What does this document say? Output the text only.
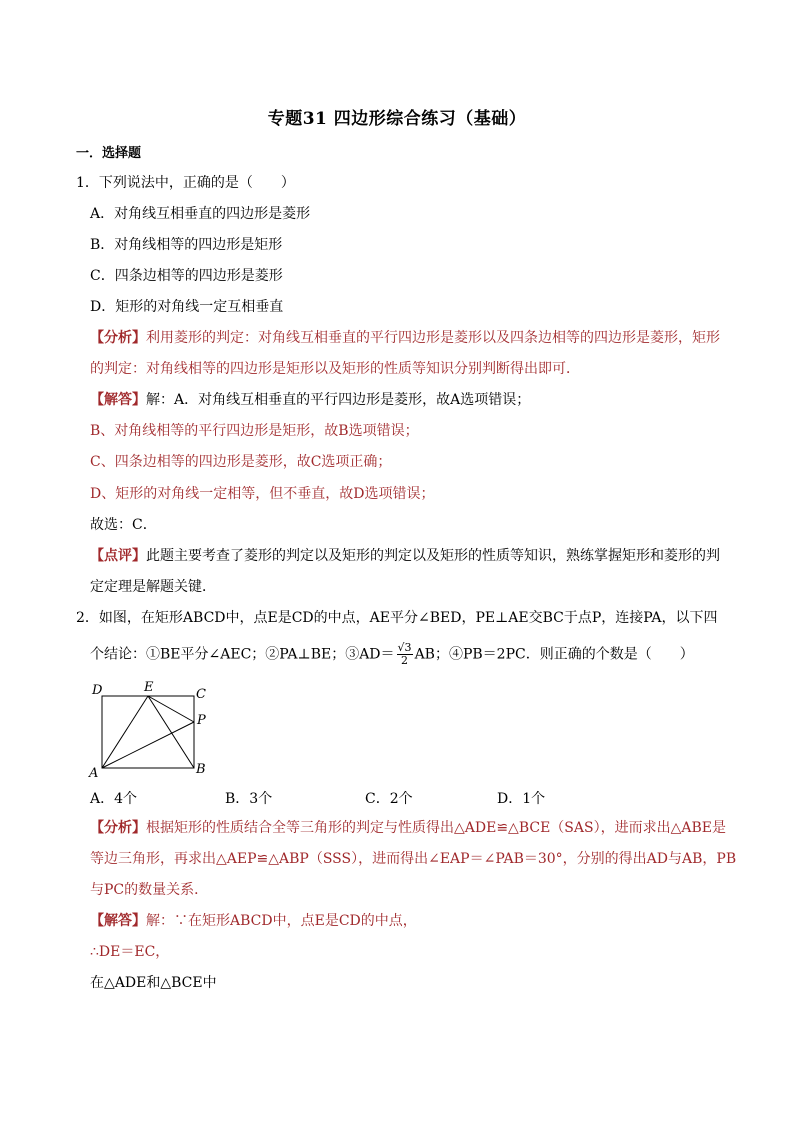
专题31 四边形综合练习（基础）
一．选择题
1．下列说法中，正确的是（　　）
A．对角线互相垂直的四边形是菱形
B．对角线相等的四边形是矩形
C．四条边相等的四边形是菱形
D．矩形的对角线一定互相垂直
【分析】利用菱形的判定：对角线互相垂直的平行四边形是菱形以及四条边相等的四边形是菱形，矩形
的判定：对角线相等的四边形是矩形以及矩形的性质等知识分别判断得出即可．
【解答】解：A．对角线互相垂直的平行四边形是菱形，故A选项错误；
B、对角线相等的平行四边形是矩形，故B选项错误；
C、四条边相等的四边形是菱形，故C选项正确；
D、矩形的对角线一定相等，但不垂直，故D选项错误；
故选：C．
【点评】此题主要考查了菱形的判定以及矩形的判定以及矩形的性质等知识，熟练掌握矩形和菱形的判
定定理是解题关键．
2．如图，在矩形ABCD中，点E是CD的中点，AE平分∠BED，PE⊥AE交BC于点P，连接PA，以下四
个结论：①BE平分∠AEC；②PA⊥BE；③AD＝ $\frac{√3}{2}$ AB；④PB＝2PC．则正确的个数是（　　）
D	E	C
P
A	B
A．4个	B．3个	C．2个	D．1个
【分析】根据矩形的性质结合全等三角形的判定与性质得出△ADE≌△BCE（SAS），进而求出△ABE是
等边三角形，再求出△AEP≌△ABP（SSS），进而得出∠EAP＝∠PAB＝30°，分别的得出AD与AB，PB
与PC的数量关系．
【解答】解：∵在矩形ABCD中，点E是CD的中点，
∴DE＝EC，
在△ADE和△BCE中
